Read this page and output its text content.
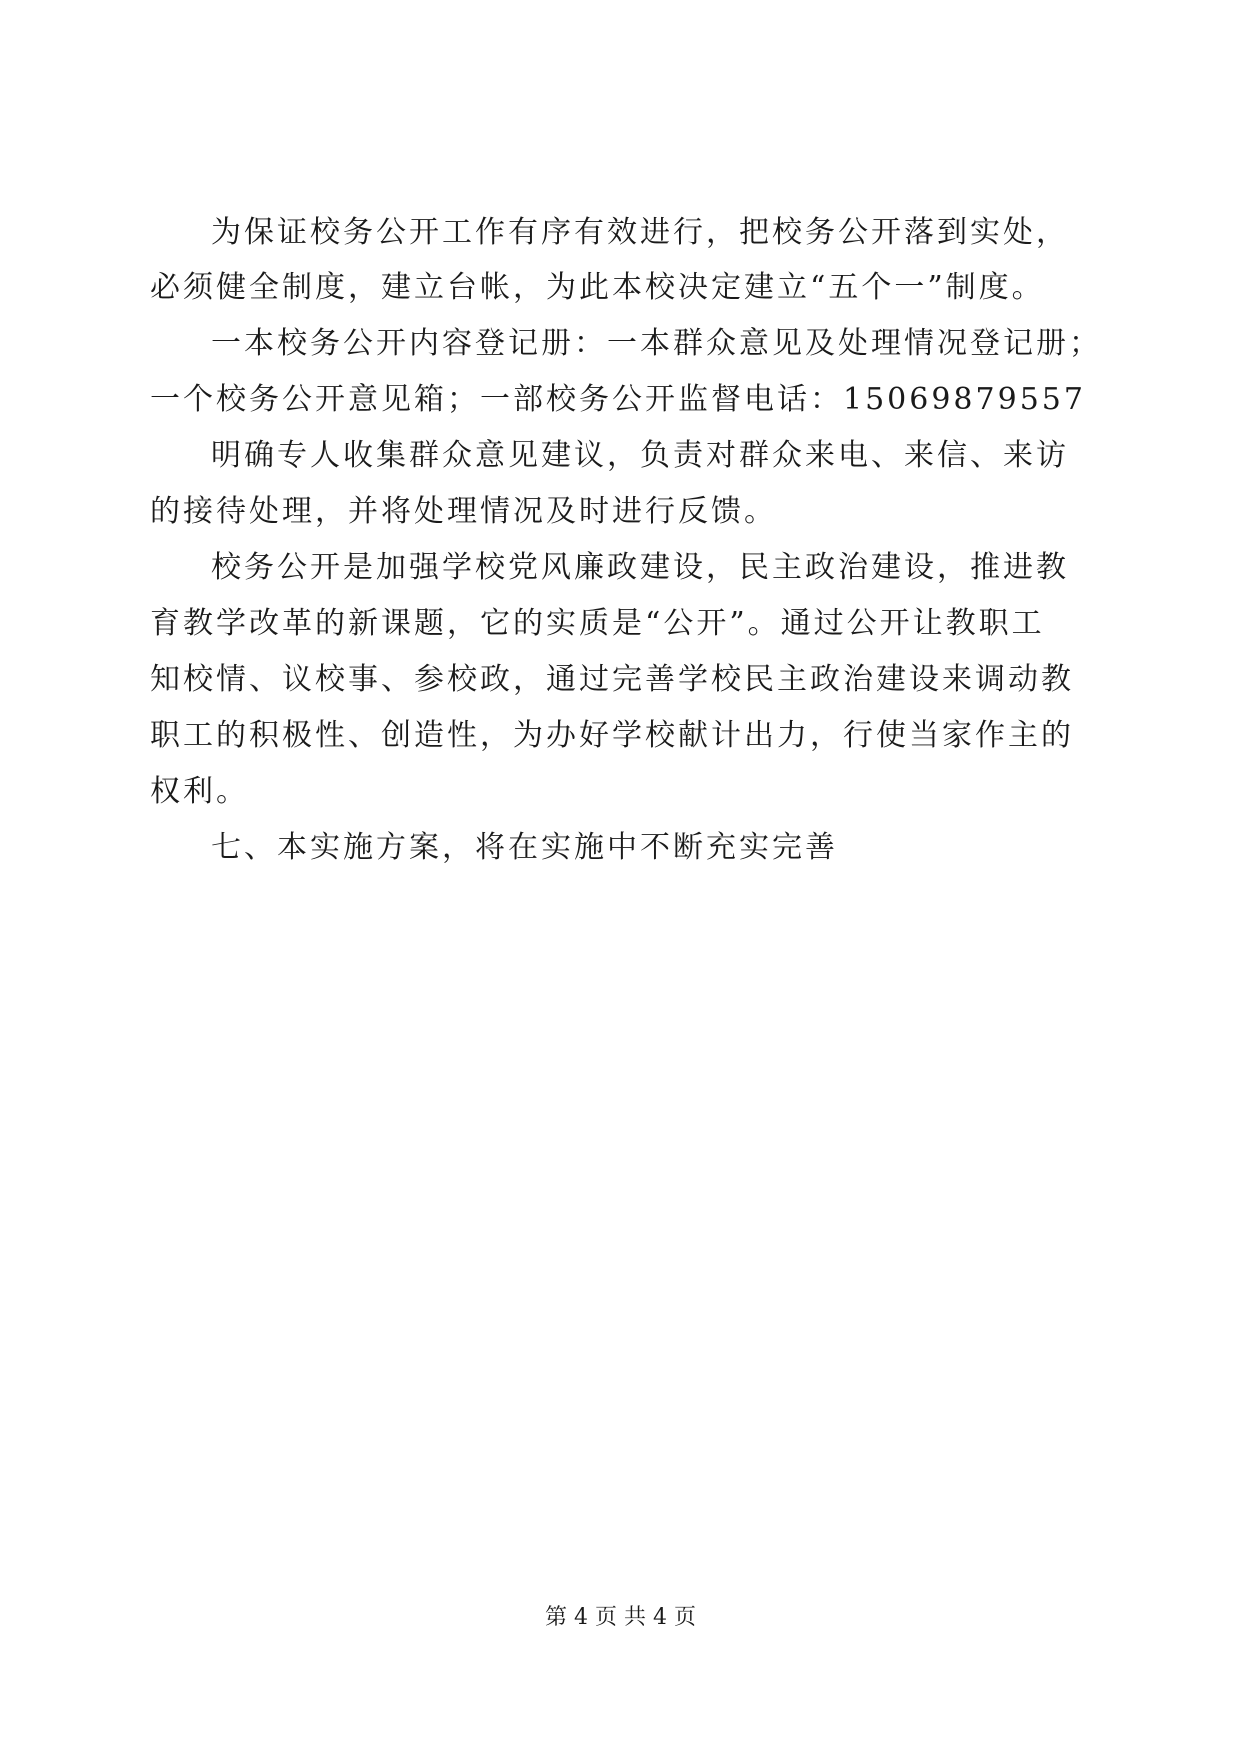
为保证校务公开工作有序有效进行，把校务公开落到实处，
必须健全制度，建立台帐，为此本校决定建立“五个一”制度。
一本校务公开内容登记册：一本群众意见及处理情况登记册；
一个校务公开意见箱；一部校务公开监督电话：15069879557
明确专人收集群众意见建议，负责对群众来电、来信、来访
的接待处理，并将处理情况及时进行反馈。
校务公开是加强学校党风廉政建设，民主政治建设，推进教
育教学改革的新课题，它的实质是“公开”。通过公开让教职工
知校情、议校事、参校政，通过完善学校民主政治建设来调动教
职工的积极性、创造性，为办好学校献计出力，行使当家作主的
权利。
七、本实施方案，将在实施中不断充实完善
第 4 页 共 4 页
